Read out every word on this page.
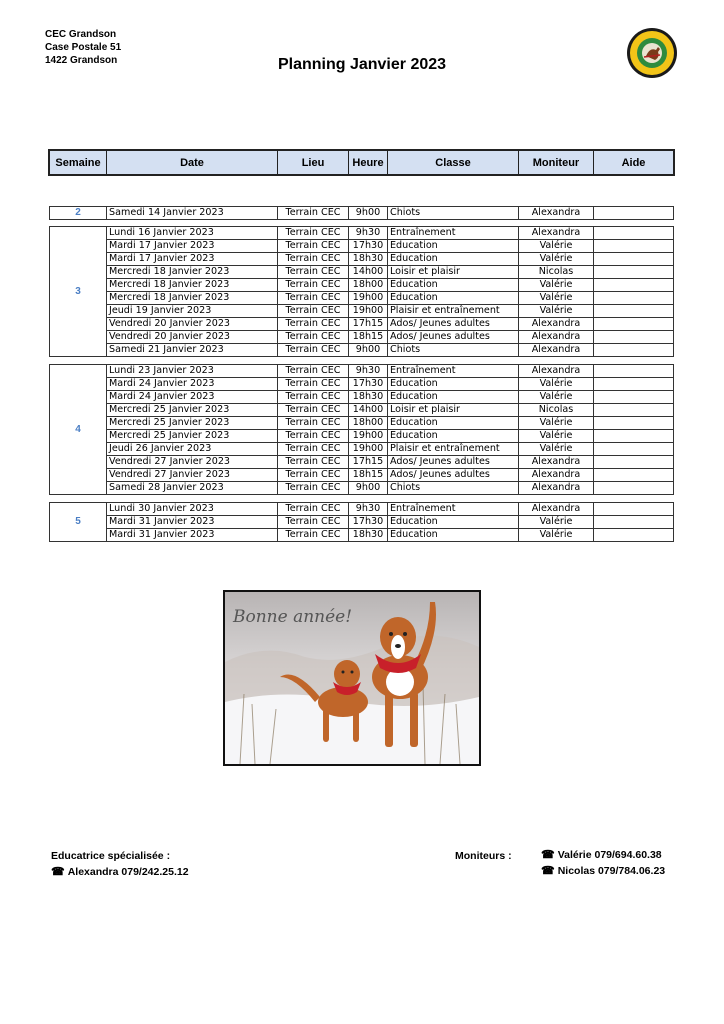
CEC Grandson
Case Postale 51
1422 Grandson	Planning Janvier 2023
Semaine	Date	Lieu	Heure	Classe	Moniteur	Aide
2	Samedi 14 Janvier 2023	Terrain CEC	9h00	Chiots	Alexandra	
3	Lundi 16 Janvier 2023	Terrain CEC	9h30	Entraînement	Alexandra	
	Mardi 17 Janvier 2023	Terrain CEC	17h30	Education	Valérie	
	Mardi 17 Janvier 2023	Terrain CEC	18h30	Education	Valérie	
	Mercredi 18 Janvier 2023	Terrain CEC	14h00	Loisir et plaisir	Nicolas	
	Mercredi 18 Janvier 2023	Terrain CEC	18h00	Education	Valérie	
	Mercredi 18 Janvier 2023	Terrain CEC	19h00	Education	Valérie	
	Jeudi 19 Janvier 2023	Terrain CEC	19h00	Plaisir et entraînement	Valérie	
	Vendredi 20 Janvier 2023	Terrain CEC	17h15	Ados/ Jeunes adultes	Alexandra	
	Vendredi 20 Janvier 2023	Terrain CEC	18h15	Ados/ Jeunes adultes	Alexandra	
	Samedi 21 Janvier 2023	Terrain CEC	9h00	Chiots	Alexandra	
4	Lundi 23 Janvier 2023	Terrain CEC	9h30	Entraînement	Alexandra	
	Mardi 24 Janvier 2023	Terrain CEC	17h30	Education	Valérie	
	Mardi 24 Janvier 2023	Terrain CEC	18h30	Education	Valérie	
	Mercredi 25 Janvier 2023	Terrain CEC	14h00	Loisir et plaisir	Nicolas	
	Mercredi 25 Janvier 2023	Terrain CEC	18h00	Education	Valérie	
	Mercredi 25 Janvier 2023	Terrain CEC	19h00	Education	Valérie	
	Jeudi 26 Janvier 2023	Terrain CEC	19h00	Plaisir et entraînement	Valérie	
	Vendredi 27 Janvier 2023	Terrain CEC	17h15	Ados/ Jeunes adultes	Alexandra	
	Vendredi 27 Janvier 2023	Terrain CEC	18h15	Ados/ Jeunes adultes	Alexandra	
	Samedi 28 Janvier 2023	Terrain CEC	9h00	Chiots	Alexandra	
5	Lundi 30 Janvier 2023	Terrain CEC	9h30	Entraînement	Alexandra	
	Mardi 31 Janvier 2023	Terrain CEC	17h30	Education	Valérie	
	Mardi 31 Janvier 2023	Terrain CEC	18h30	Education	Valérie	
Bonne année!
Educatrice spécialisée :
☎ Alexandra 079/242.25.12
Moniteurs :	☎ Valérie 079/694.60.38
☎ Nicolas 079/784.06.23
